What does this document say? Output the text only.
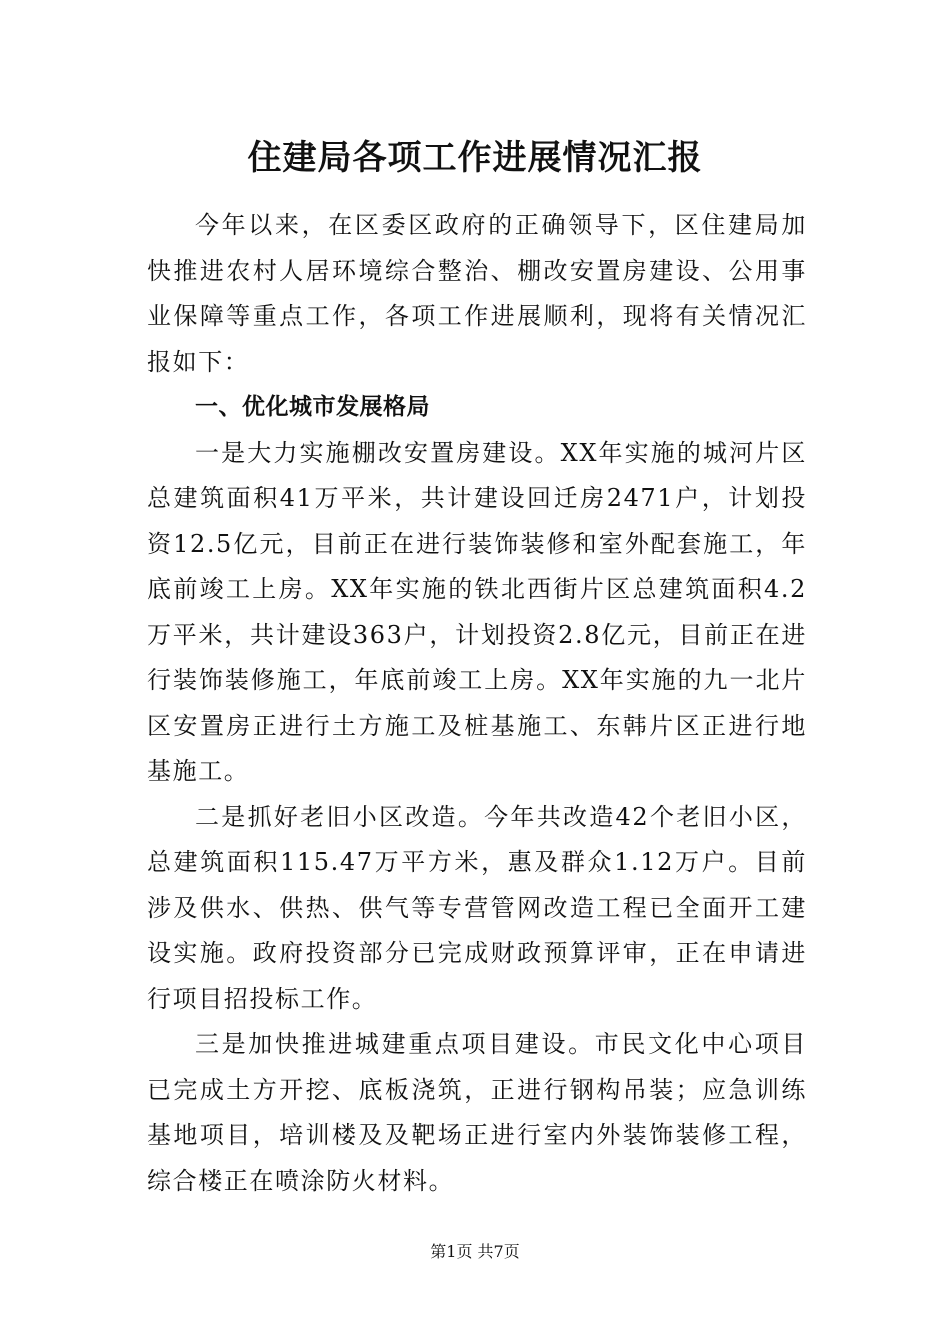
住建局各项工作进展情况汇报

今年以来，在区委区政府的正确领导下，区住建局加快推进农村人居环境综合整治、棚改安置房建设、公用事业保障等重点工作，各项工作进展顺利，现将有关情况汇报如下：

一、优化城市发展格局

一是大力实施棚改安置房建设。XX年实施的城河片区总建筑面积41万平米，共计建设回迁房2471户，计划投资12.5亿元，目前正在进行装饰装修和室外配套施工，年底前竣工上房。XX年实施的铁北西街片区总建筑面积4.2万平米，共计建设363户，计划投资2.8亿元，目前正在进行装饰装修施工，年底前竣工上房。XX年实施的九一北片区安置房正进行土方施工及桩基施工、东韩片区正进行地基施工。

二是抓好老旧小区改造。今年共改造42个老旧小区，总建筑面积115.47万平方米，惠及群众1.12万户。目前涉及供水、供热、供气等专营管网改造工程已全面开工建设实施。政府投资部分已完成财政预算评审，正在申请进行项目招投标工作。

三是加快推进城建重点项目建设。市民文化中心项目已完成土方开挖、底板浇筑，正进行钢构吊装；应急训练基地项目，培训楼及及靶场正进行室内外装饰装修工程，综合楼正在喷涂防火材料。

第1页 共7页
